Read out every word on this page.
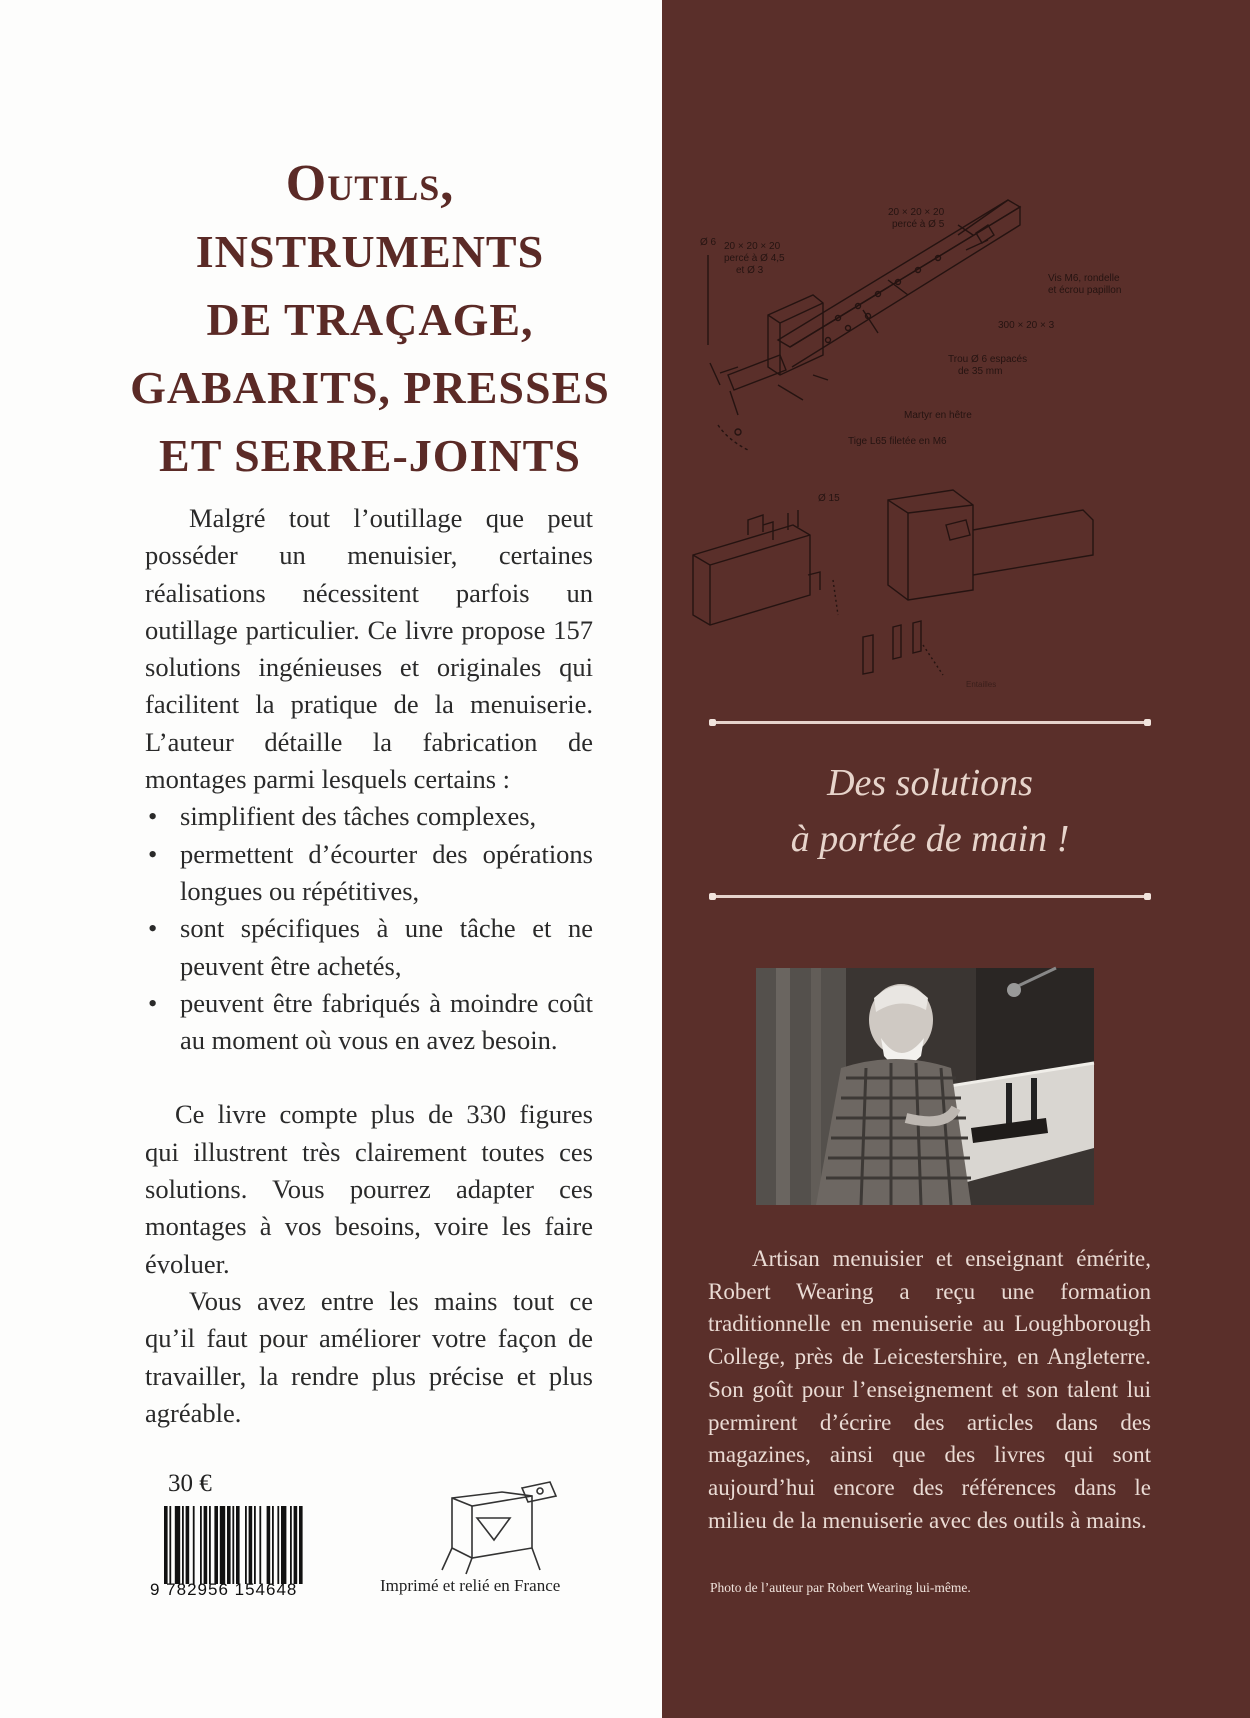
Outils,
INSTRUMENTS
DE TRAÇAGE,
GABARITS, PRESSES
ET SERRE-JOINTS

Malgré tout l’outillage que peut posséder un menuisier, certaines réalisations nécessitent parfois un outillage particulier. Ce livre propose 157 solutions ingénieuses et originales qui facilitent la pratique de la menuiserie. L’auteur détaille la fabrication de montages parmi lesquels certains :

• simplifient des tâches complexes,
• permettent d’écourter des opérations longues ou répétitives,
• sont spécifiques à une tâche et ne peuvent être achetés,
• peuvent être fabriqués à moindre coût au moment où vous en avez besoin.

Ce livre compte plus de 330 figures qui illustrent très clairement toutes ces solutions. Vous pourrez adapter ces montages à vos besoins, voire les faire évoluer.

Vous avez entre les mains tout ce qu’il faut pour améliorer votre façon de travailler, la rendre plus précise et plus agréable.

30 €
9 782956 154648	Imprimé et relié en France
20 × 20 × 20
percé à Ø 5
Ø 6 20 × 20 × 20
percé à Ø 4,5
et Ø 3
Vis M6, rondelle
et écrou papillon
300 × 20 × 3
Trou Ø 6 espacés
de 35 mm
Martyr en hêtre
Tige L65 filetée en M6
Ø 15
Entailles
Des solutions
à portée de main !

Artisan menuisier et enseignant émérite, Robert Wearing a reçu une formation traditionnelle en menuiserie au Loughborough College, près de Leicestershire, en Angleterre. Son goût pour l’enseignement et son talent lui permirent d’écrire des articles dans des magazines, ainsi que des livres qui sont aujourd’hui encore des références dans le milieu de la menuiserie avec des outils à mains.

Photo de l’auteur par Robert Wearing lui-même.
